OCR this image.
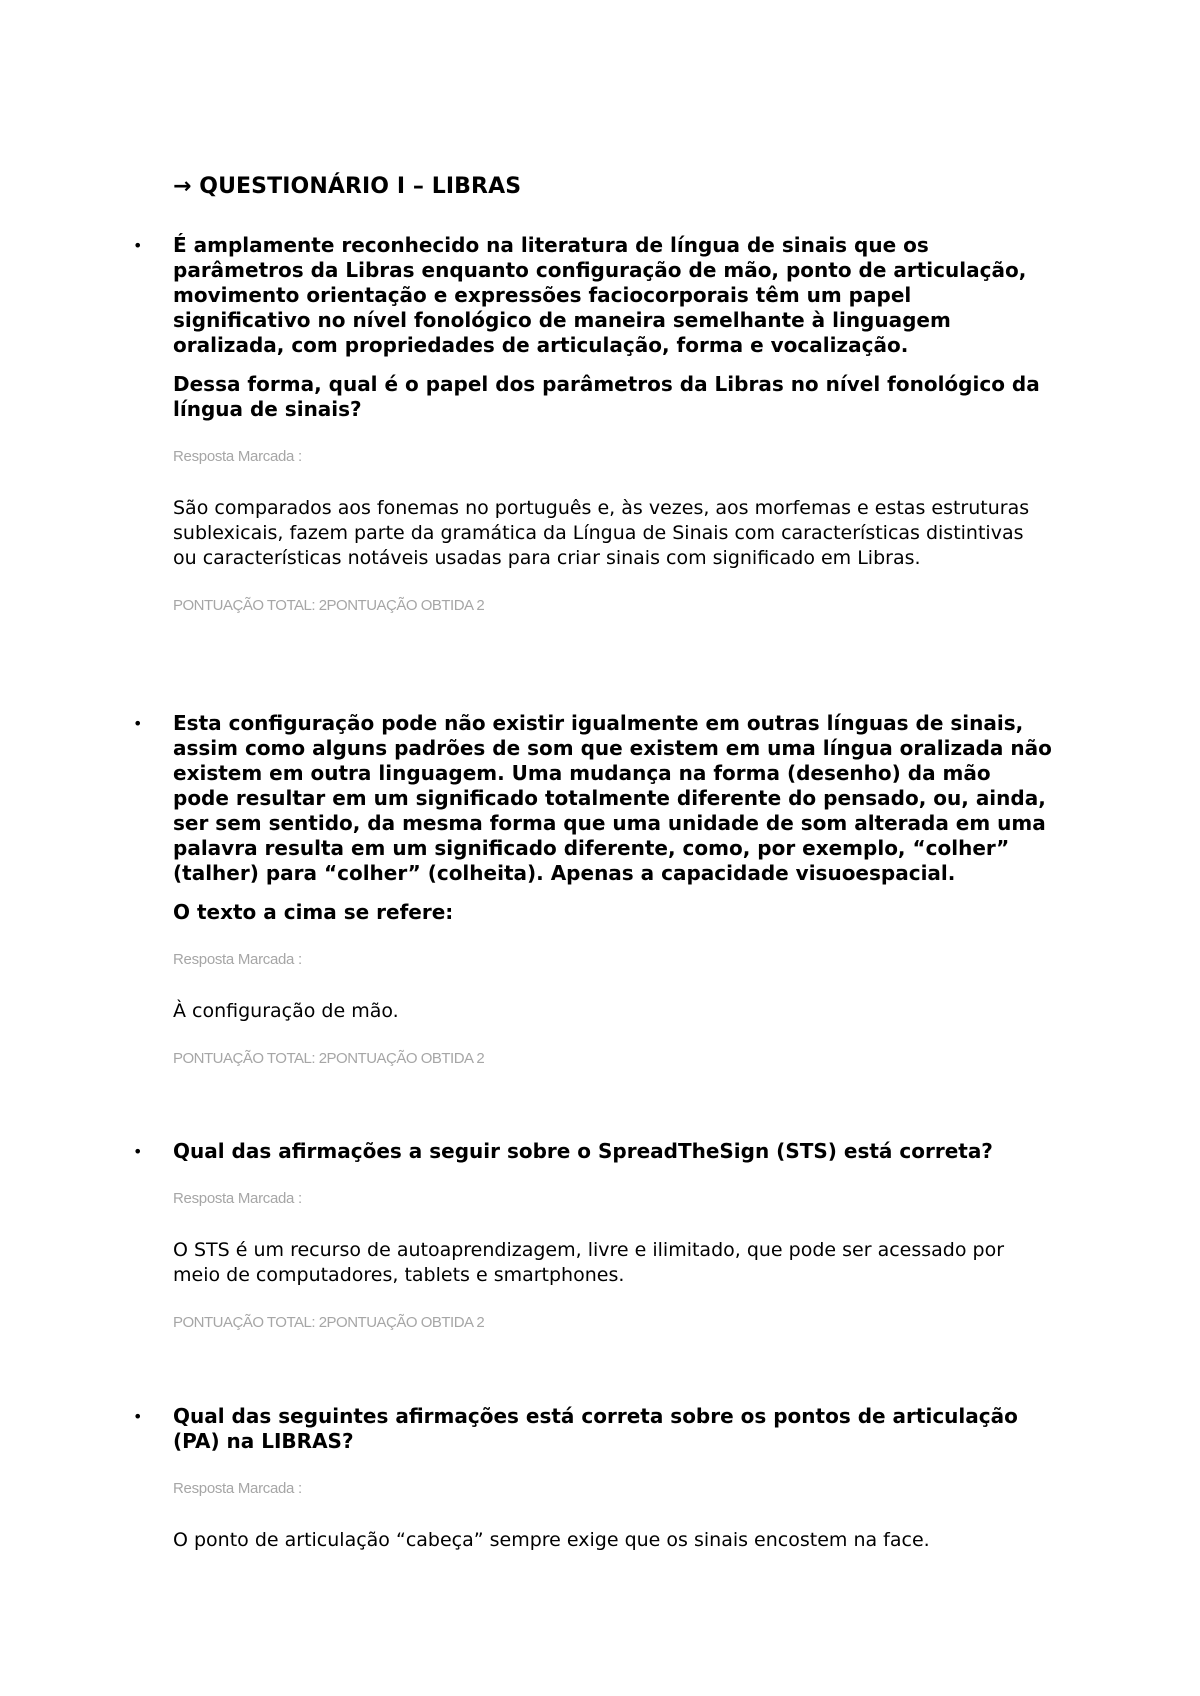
→ QUESTIONÁRIO I – LIBRAS
• É amplamente reconhecido na literatura de língua de sinais que os parâmetros da Libras enquanto configuração de mão, ponto de articulação, movimento orientação e expressões faciocorporais têm um papel significativo no nível fonológico de maneira semelhante à linguagem oralizada, com propriedades de articulação, forma e vocalização.

Dessa forma, qual é o papel dos parâmetros da Libras no nível fonológico da língua de sinais?

Resposta Marcada :
São comparados aos fonemas no português e, às vezes, aos morfemas e estas estruturas sublexicais, fazem parte da gramática da Língua de Sinais com características distintivas ou características notáveis usadas para criar sinais com significado em Libras.
PONTUAÇÃO TOTAL: 2PONTUAÇÃO OBTIDA 2
• Esta configuração pode não existir igualmente em outras línguas de sinais, assim como alguns padrões de som que existem em uma língua oralizada não existem em outra linguagem. Uma mudança na forma (desenho) da mão pode resultar em um significado totalmente diferente do pensado, ou, ainda, ser sem sentido, da mesma forma que uma unidade de som alterada em uma palavra resulta em um significado diferente, como, por exemplo, “colher” (talher) para “colher” (colheita). Apenas a capacidade visuoespacial.

O texto a cima se refere:

Resposta Marcada :
À configuração de mão.
PONTUAÇÃO TOTAL: 2PONTUAÇÃO OBTIDA 2
• Qual das afirmações a seguir sobre o SpreadTheSign (STS) está correta?

Resposta Marcada :
O STS é um recurso de autoaprendizagem, livre e ilimitado, que pode ser acessado por meio de computadores, tablets e smartphones.
PONTUAÇÃO TOTAL: 2PONTUAÇÃO OBTIDA 2
• Qual das seguintes afirmações está correta sobre os pontos de articulação (PA) na LIBRAS?

Resposta Marcada :
O ponto de articulação “cabeça” sempre exige que os sinais encostem na face.
